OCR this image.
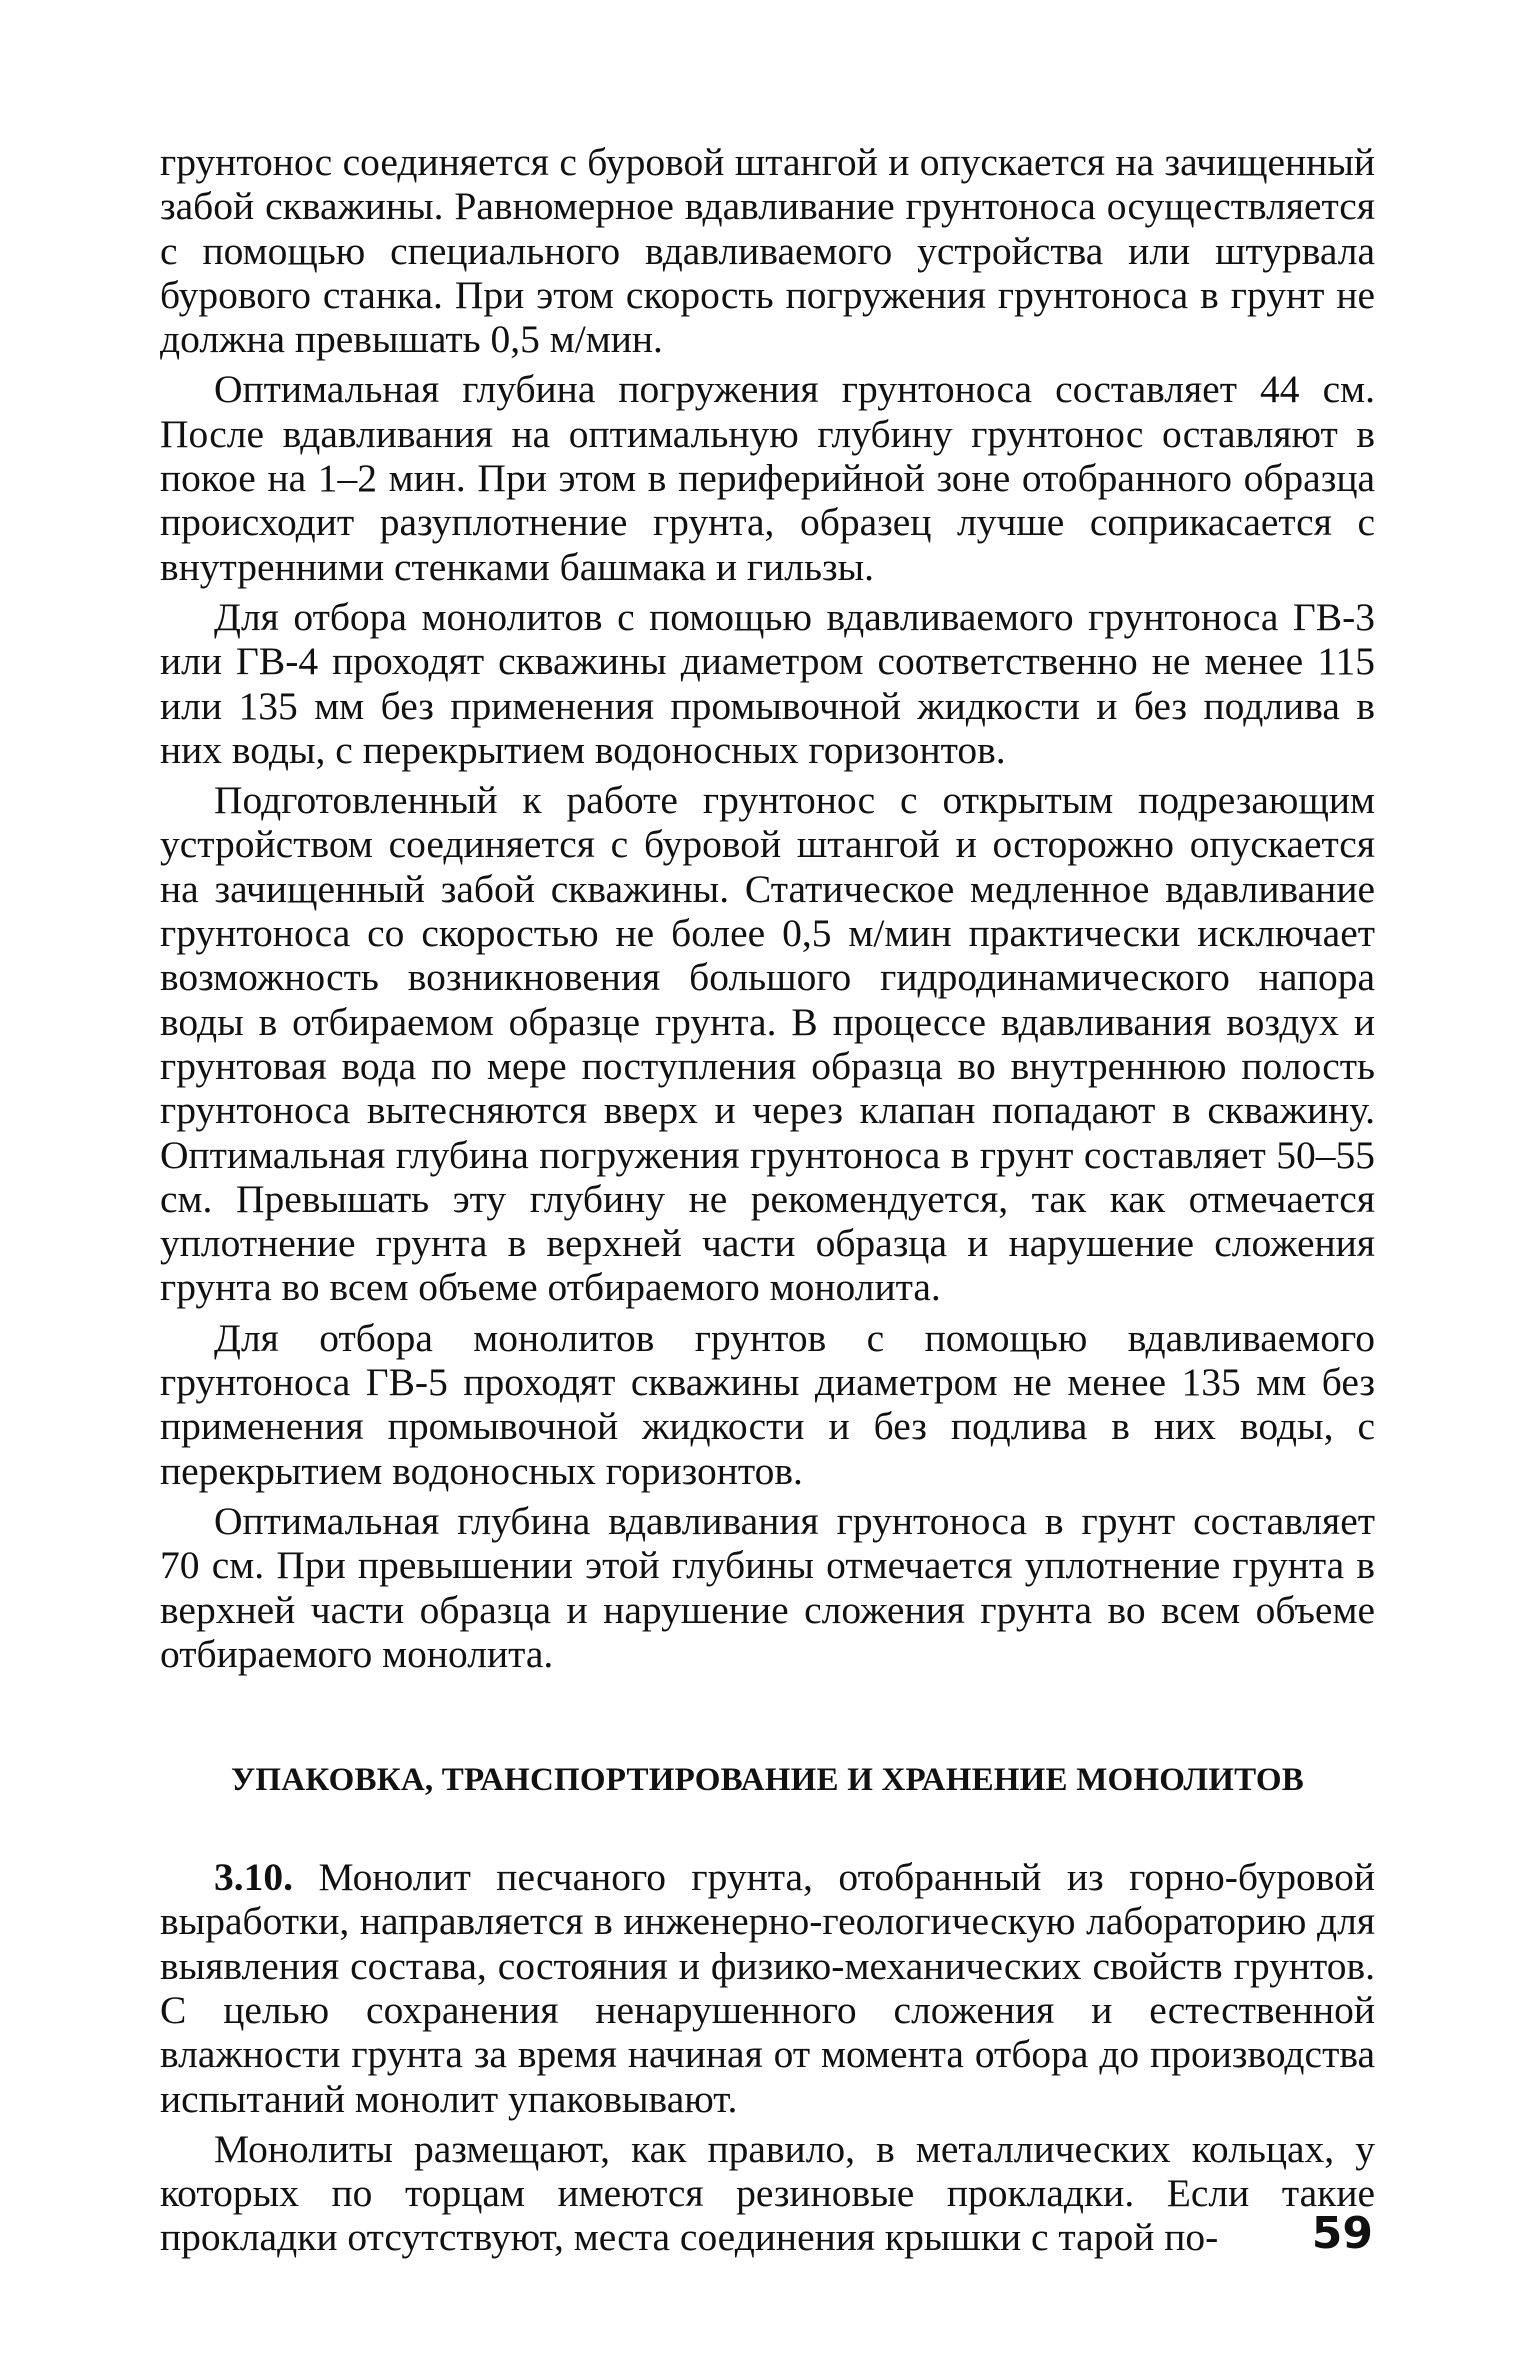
грунтонос соединяется с буровой штангой и опускается на зачищенный забой скважины. Равномерное вдавливание грунтоноса осуществляется с помощью специального вдавливаемого устройства или штурвала бурового станка. При этом скорость погружения грунтоноса в грунт не должна превышать 0,5 м/мин.

Оптимальная глубина погружения грунтоноса составляет 44 см. После вдавливания на оптимальную глубину грунтонос оставляют в покое на 1–2 мин. При этом в периферийной зоне отобранного образца происходит разуплотнение грунта, образец лучше соприкасается с внутренними стенками башмака и гильзы.

Для отбора монолитов с помощью вдавливаемого грунтоноса ГВ-3 или ГВ-4 проходят скважины диаметром соответственно не менее 115 или 135 мм без применения промывочной жидкости и без подлива в них воды, с перекрытием водоносных горизонтов.

Подготовленный к работе грунтонос с открытым подрезающим устройством соединяется с буровой штангой и осторожно опускается на зачищенный забой скважины. Статическое медленное вдавливание грунтоноса со скоростью не более 0,5 м/мин практически исключает возможность возникновения большого гидродинамического напора воды в отбираемом образце грунта. В процессе вдавливания воздух и грунтовая вода по мере поступления образца во внутреннюю полость грунтоноса вытесняются вверх и через клапан попадают в скважину. Оптимальная глубина погружения грунтоноса в грунт составляет 50–55 см. Превышать эту глубину не рекомендуется, так как отмечается уплотнение грунта в верхней части образца и нарушение сложения грунта во всем объеме отбираемого монолита.

Для отбора монолитов грунтов с помощью вдавливаемого грунтоноса ГВ-5 проходят скважины диаметром не менее 135 мм без применения промывочной жидкости и без подлива в них воды, с перекрытием водоносных горизонтов.

Оптимальная глубина вдавливания грунтоноса в грунт составляет 70 см. При превышении этой глубины отмечается уплотнение грунта в верхней части образца и нарушение сложения грунта во всем объеме отбираемого монолита.

УПАКОВКА, ТРАНСПОРТИРОВАНИЕ И ХРАНЕНИЕ МОНОЛИТОВ

3.10. Монолит песчаного грунта, отобранный из горно-буровой выработки, направляется в инженерно-геологическую лабораторию для выявления состава, состояния и физико-механических свойств грунтов. С целью сохранения ненарушенного сложения и естественной влажности грунта за время начиная от момента отбора до производства испытаний монолит упаковывают.

Монолиты размещают, как правило, в металлических кольцах, у которых по торцам имеются резиновые прокладки. Если такие прокладки отсутствуют, места соединения крышки с тарой по-	59
